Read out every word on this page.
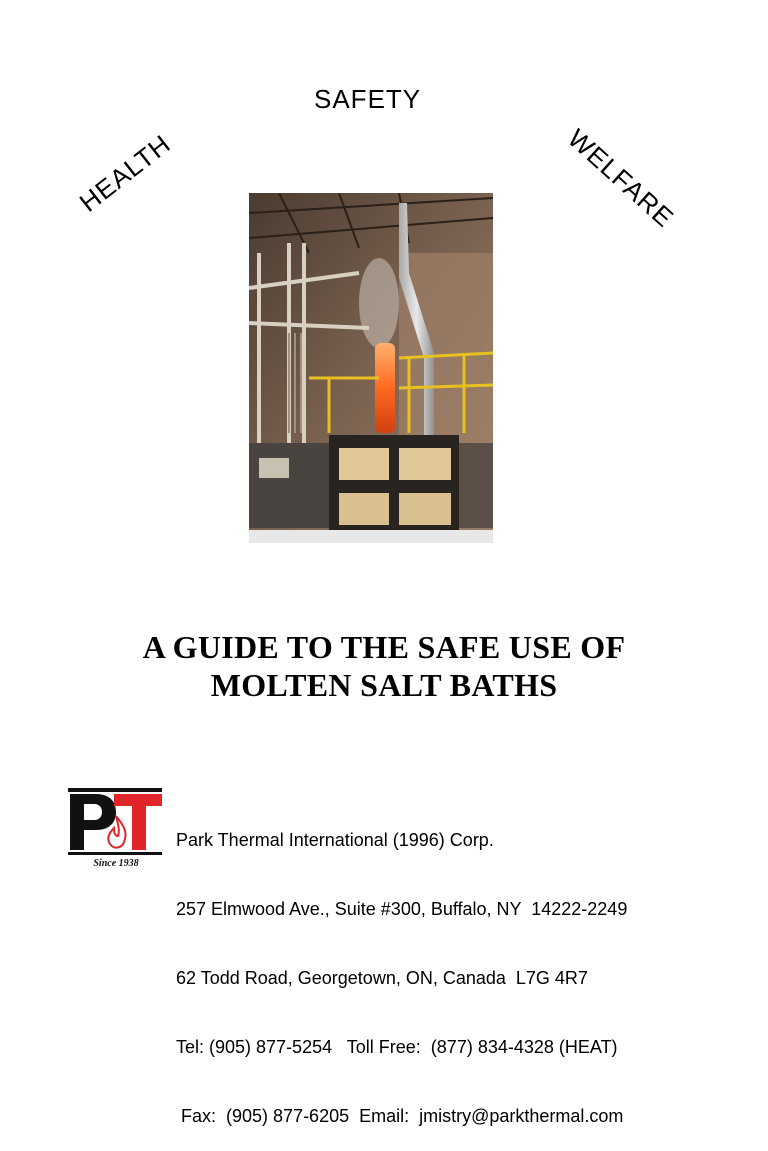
SAFETY
HEALTH	WELFARE
A GUIDE TO THE SAFE USE OF
MOLTEN SALT BATHS
Since 1938

Park Thermal International (1996) Corp.

257 Elmwood Ave., Suite #300, Buffalo, NY  14222-2249

62 Todd Road, Georgetown, ON, Canada  L7G 4R7

Tel: (905) 877-5254   Toll Free:  (877) 834-4328 (HEAT)

Fax:  (905) 877-6205  Email:  jmistry@parkthermal.com
